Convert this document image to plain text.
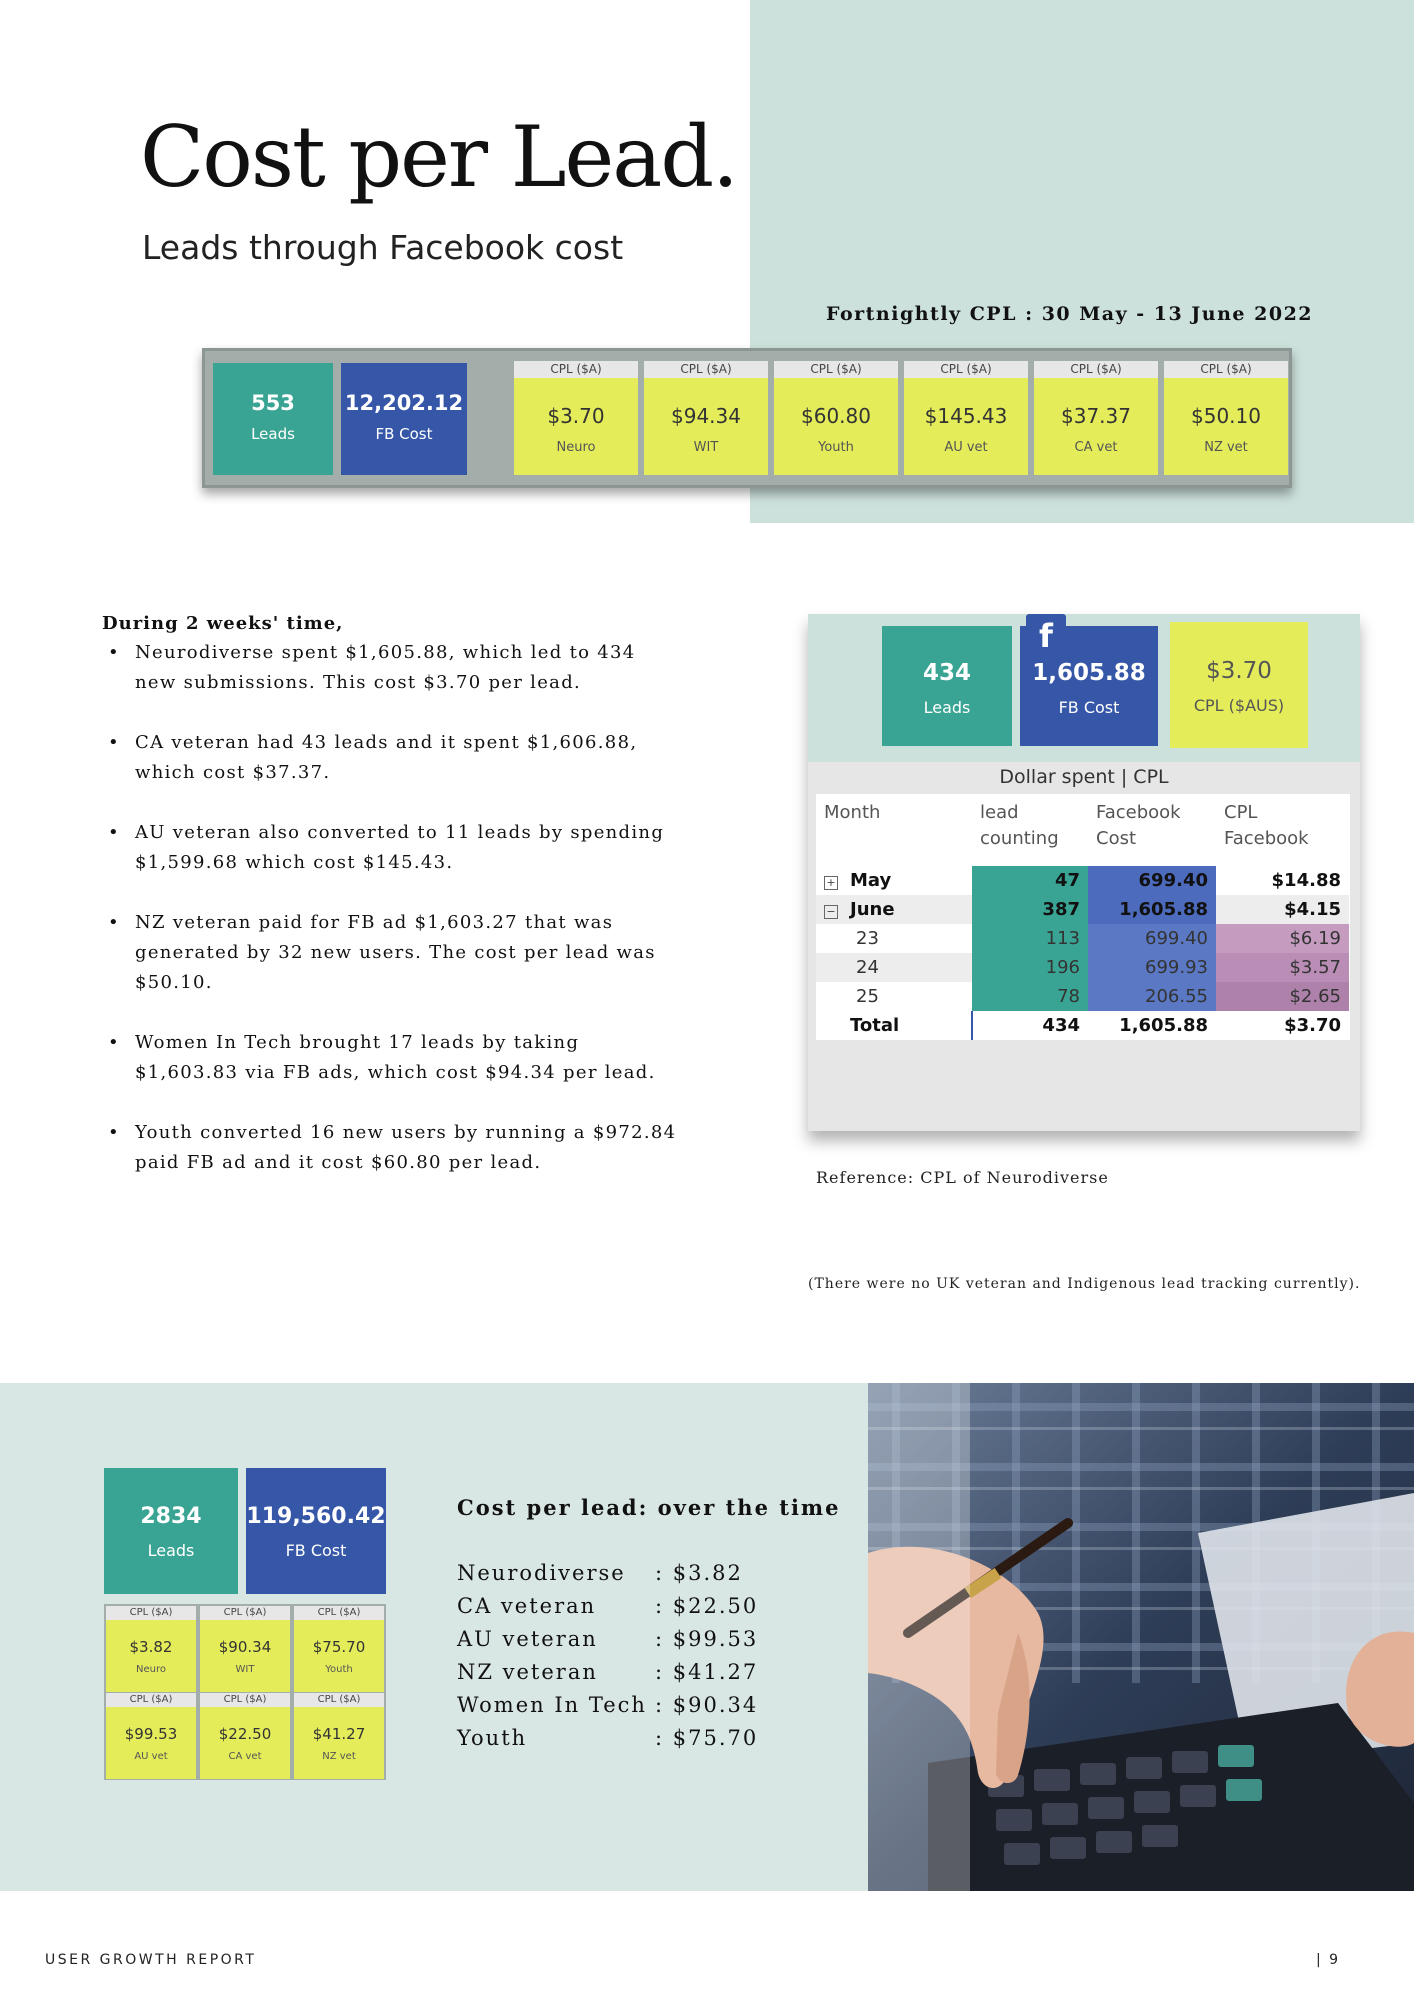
Cost per Lead.
Leads through Facebook cost
Fortnightly CPL : 30 May - 13 June 2022
553
Leads
12,202.12
FB Cost
CPL ($A)
$3.70
Neuro
CPL ($A)
$94.34
WIT
CPL ($A)
$60.80
Youth
CPL ($A)
$145.43
AU vet
CPL ($A)
$37.37
CA vet
CPL ($A)
$50.10
NZ vet
During 2 weeks' time,
• Neurodiverse spent $1,605.88, which led to 434 new submissions. This cost $3.70 per lead.
• CA veteran had 43 leads and it spent $1,606.88, which cost $37.37.
• AU veteran also converted to 11 leads by spending $1,599.68 which cost $145.43.
• NZ veteran paid for FB ad $1,603.27 that was generated by 32 new users. The cost per lead was $50.10.
• Women In Tech brought 17 leads by taking $1,603.83 via FB ads, which cost $94.34 per lead.
• Youth converted 16 new users by running a $972.84 paid FB ad and it cost $60.80 per lead.
434
Leads
1,605.88
FB Cost
f
$3.70
CPL ($AUS)
Dollar spent | CPL
Month	lead counting	Facebook Cost	CPL Facebook
+ May	47	699.40	$14.88
− June	387	1,605.88	$4.15
23	113	699.40	$6.19
24	196	699.93	$3.57
25	78	206.55	$2.65
Total	434	1,605.88	$3.70
Reference: CPL of Neurodiverse
(There were no UK veteran and Indigenous lead tracking currently).
2834
Leads
119,560.42
FB Cost
CPL ($A)
$3.82
Neuro
CPL ($A)
$90.34
WIT
CPL ($A)
$75.70
Youth
CPL ($A)
$99.53
AU vet
CPL ($A)
$22.50
CA vet
CPL ($A)
$41.27
NZ vet
Cost per lead: over the time
Neurodiverse : $3.82
CA veteran	: $22.50
AU veteran	: $99.53
NZ veteran	: $41.27
Women In Tech : $90.34
Youth	: $75.70
USER GROWTH REPORT	| 9
